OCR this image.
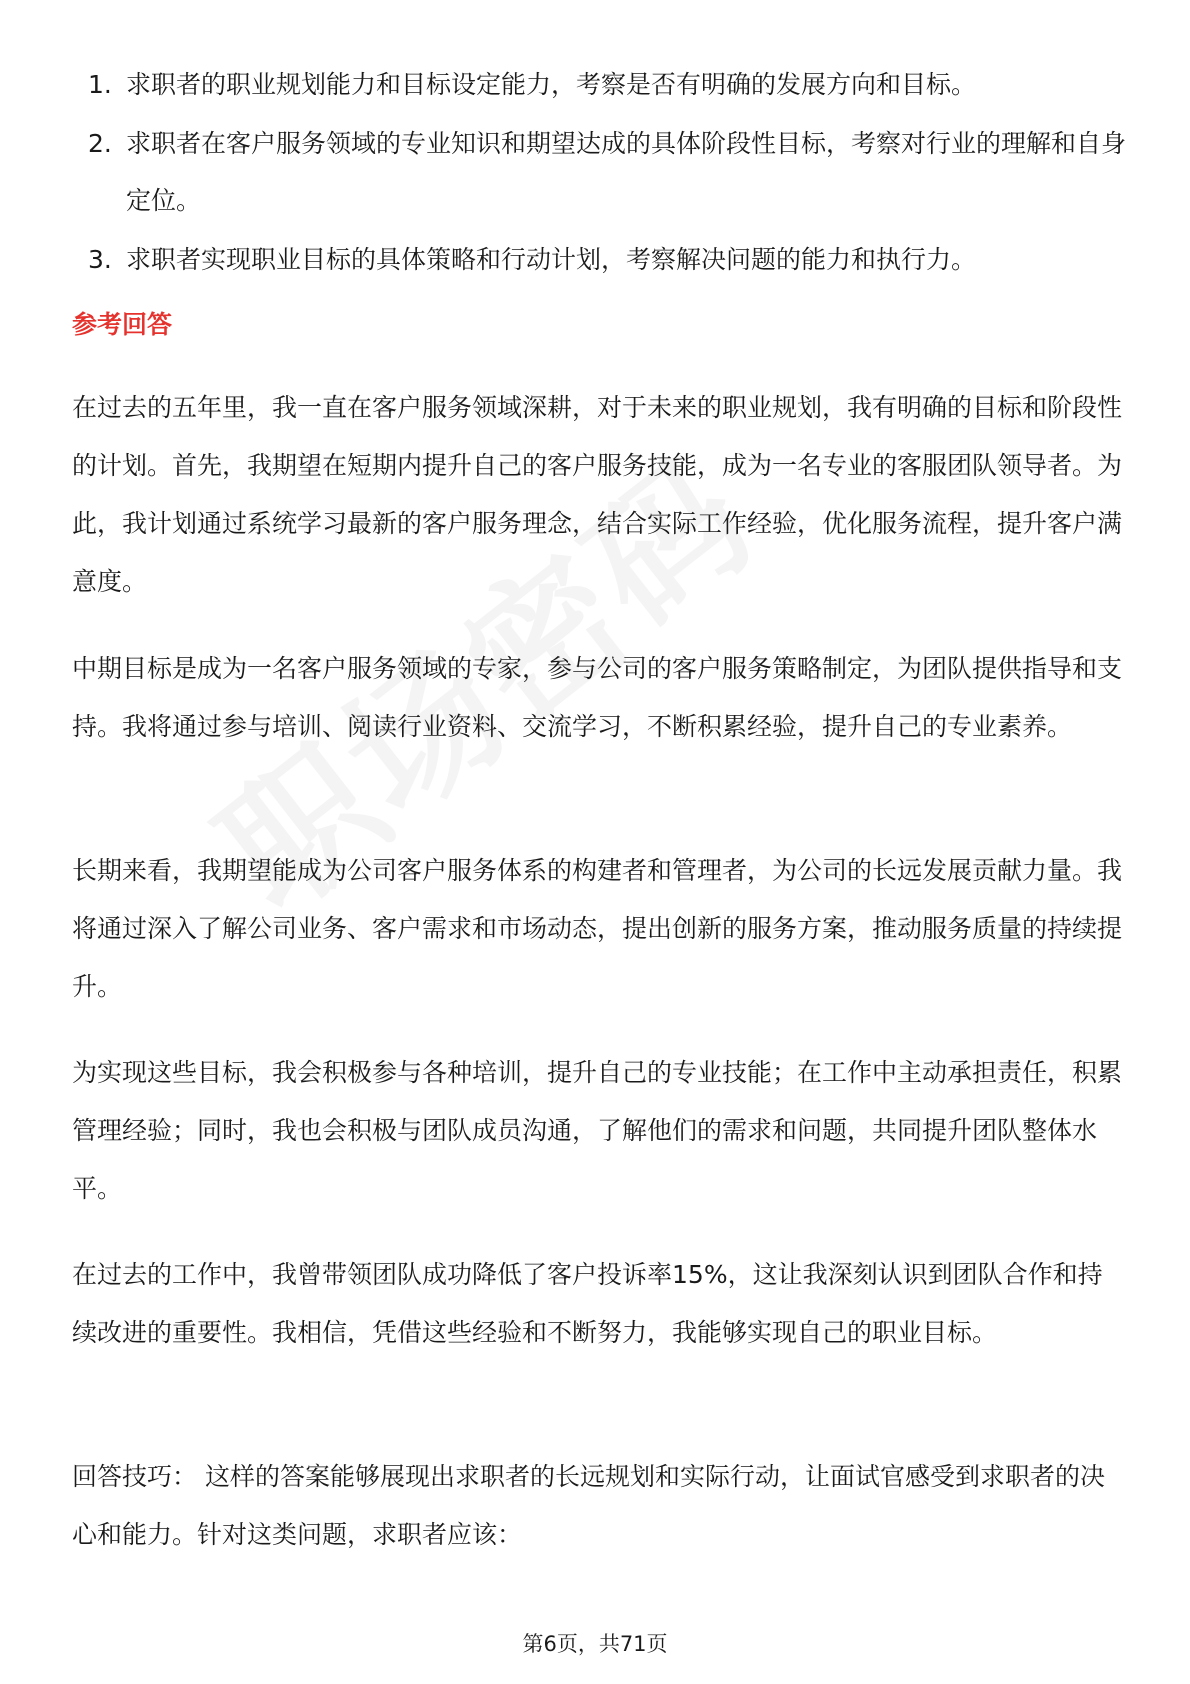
1. 求职者的职业规划能力和目标设定能力，考察是否有明确的发展方向和目标。
2. 求职者在客户服务领域的专业知识和期望达成的具体阶段性目标，考察对行业的理解和自身定位。
3. 求职者实现职业目标的具体策略和行动计划，考察解决问题的能力和执行力。
参考回答

在过去的五年里，我一直在客户服务领域深耕，对于未来的职业规划，我有明确的目标和阶段性的计划。首先，我期望在短期内提升自己的客户服务技能，成为一名专业的客服团队领导者。为此，我计划通过系统学习最新的客户服务理念，结合实际工作经验，优化服务流程，提升客户满意度。

中期目标是成为一名客户服务领域的专家，参与公司的客户服务策略制定，为团队提供指导和支持。我将通过参与培训、阅读行业资料、交流学习，不断积累经验，提升自己的专业素养。

长期来看，我期望能成为公司客户服务体系的构建者和管理者，为公司的长远发展贡献力量。我将通过深入了解公司业务、客户需求和市场动态，提出创新的服务方案，推动服务质量的持续提升。

为实现这些目标，我会积极参与各种培训，提升自己的专业技能；在工作中主动承担责任，积累管理经验；同时，我也会积极与团队成员沟通，了解他们的需求和问题，共同提升团队整体水平。

在过去的工作中，我曾带领团队成功降低了客户投诉率15%，这让我深刻认识到团队合作和持续改进的重要性。我相信，凭借这些经验和不断努力，我能够实现自己的职业目标。

回答技巧： 这样的答案能够展现出求职者的长远规划和实际行动，让面试官感受到求职者的决心和能力。针对这类问题，求职者应该：

第6页，共71页
